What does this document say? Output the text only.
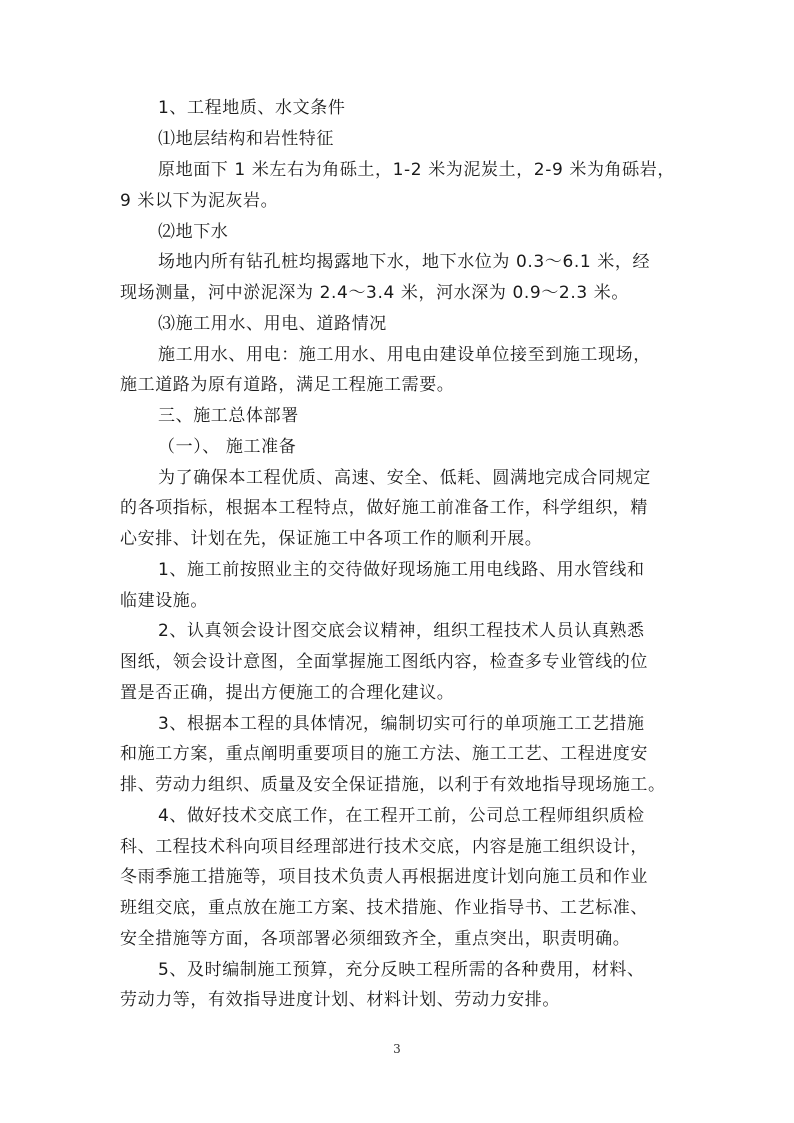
1、工程地质、水文条件
⑴地层结构和岩性特征
原地面下 1 米左右为角砾土，1-2 米为泥炭土，2-9 米为角砾岩，
9 米以下为泥灰岩。
⑵地下水
场地内所有钻孔桩均揭露地下水，地下水位为 0.3～6.1 米，经
现场测量，河中淤泥深为 2.4～3.4 米，河水深为 0.9～2.3 米。
⑶施工用水、用电、道路情况
施工用水、用电：施工用水、用电由建设单位接至到施工现场，
施工道路为原有道路，满足工程施工需要。
三、施工总体部署
（一）、 施工准备
为了确保本工程优质、高速、安全、低耗、圆满地完成合同规定
的各项指标，根据本工程特点，做好施工前准备工作，科学组织，精
心安排、计划在先，保证施工中各项工作的顺利开展。
1、施工前按照业主的交待做好现场施工用电线路、用水管线和
临建设施。
2、认真领会设计图交底会议精神，组织工程技术人员认真熟悉
图纸，领会设计意图，全面掌握施工图纸内容，检查多专业管线的位
置是否正确，提出方便施工的合理化建议。
3、根据本工程的具体情况，编制切实可行的单项施工工艺措施
和施工方案，重点阐明重要项目的施工方法、施工工艺、工程进度安
排、劳动力组织、质量及安全保证措施，以利于有效地指导现场施工。
4、做好技术交底工作，在工程开工前，公司总工程师组织质检
科、工程技术科向项目经理部进行技术交底，内容是施工组织设计，
冬雨季施工措施等，项目技术负责人再根据进度计划向施工员和作业
班组交底，重点放在施工方案、技术措施、作业指导书、工艺标准、
安全措施等方面，各项部署必须细致齐全，重点突出，职责明确。
5、及时编制施工预算，充分反映工程所需的各种费用，材料、
劳动力等，有效指导进度计划、材料计划、劳动力安排。
3
